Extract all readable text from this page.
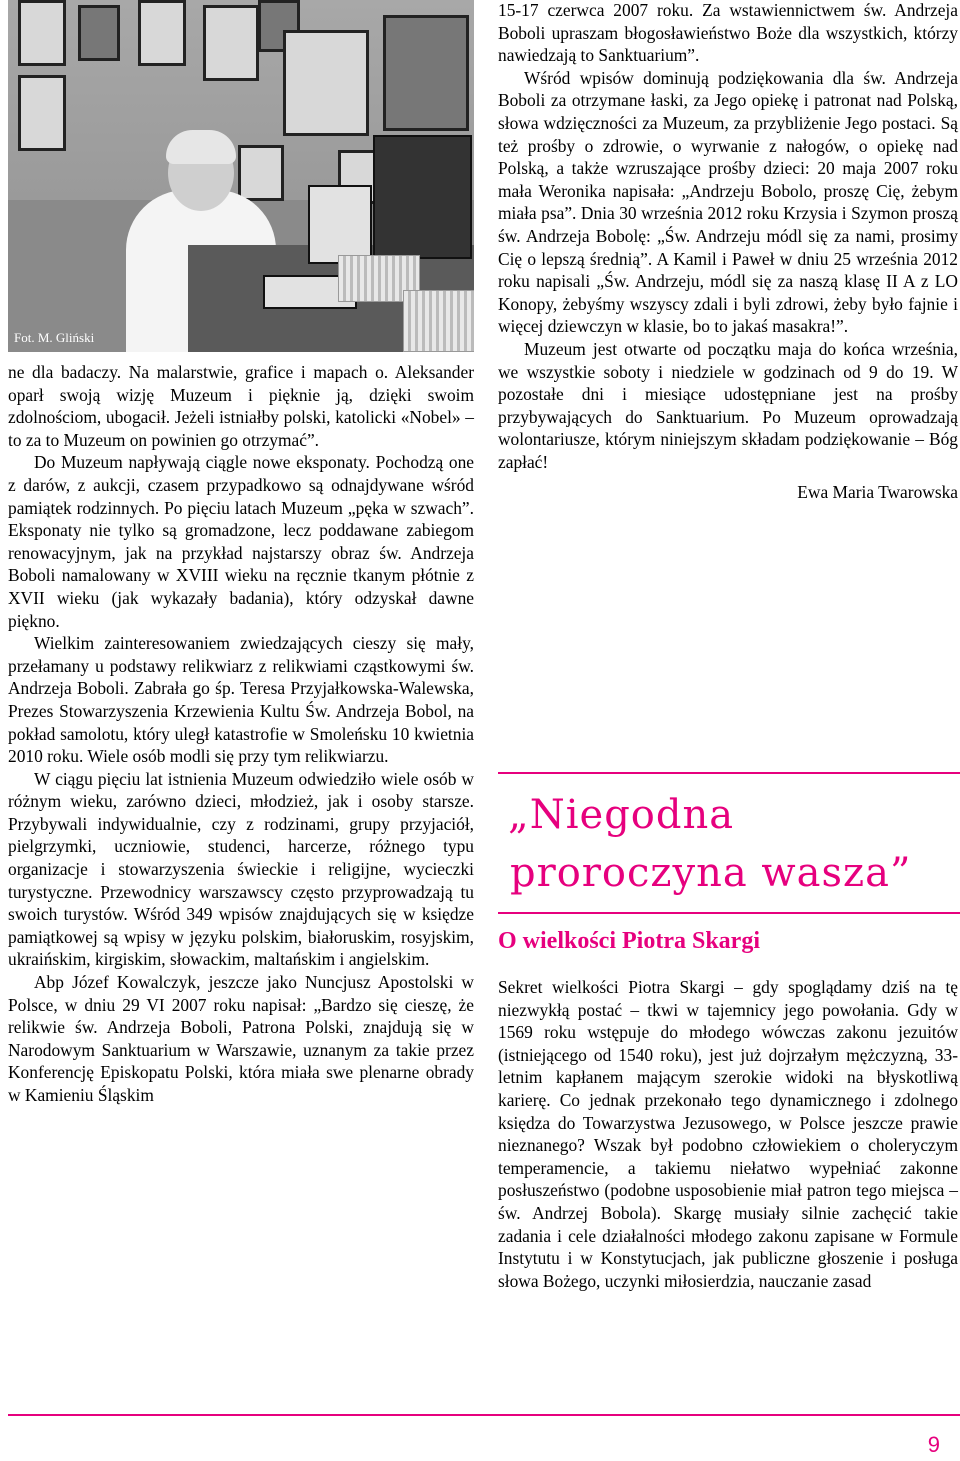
Fot. M. Gliński

ne dla badaczy. Na malarstwie, grafice i mapach o. Aleksander oparł swoją wizję Muzeum i pięknie ją, dzięki swoim zdolnościom, ubogacił. Jeżeli istniałby polski, katolicki «Nobel» – to za to Muzeum on powinien go otrzymać”.

Do Muzeum napływają ciągle nowe eksponaty. Pochodzą one z darów, z aukcji, czasem przypadkowo są odnajdywane wśród pamiątek rodzinnych. Po pięciu latach Muzeum „pęka w szwach”. Eksponaty nie tylko są gromadzone, lecz poddawane zabiegom renowacyjnym, jak na przykład najstarszy obraz św. Andrzeja Boboli namalowany w XVIII wieku na ręcznie tkanym płótnie z XVII wieku (jak wykazały badania), który odzyskał dawne piękno.

Wielkim zainteresowaniem zwiedzających cieszy się mały, przełamany u podstawy relikwiarz z relikwiami cząstkowymi św. Andrzeja Boboli. Zabrała go śp. Teresa Przyjałkowska-Walewska, Prezes Stowarzyszenia Krzewienia Kultu Św. Andrzeja Bobol, na pokład samolotu, który uległ katastrofie w Smoleńsku 10 kwietnia 2010 roku. Wiele osób modli się przy tym relikwiarzu.

W ciągu pięciu lat istnienia Muzeum odwiedziło wiele osób w różnym wieku, zarówno dzieci, młodzież, jak i osoby starsze. Przybywali indywidualnie, czy z rodzinami, grupy przyjaciół, pielgrzymki, uczniowie, studenci, harcerze, różnego typu organizacje i stowarzyszenia świeckie i religijne, wycieczki turystyczne. Przewodnicy warszawscy często przyprowadzają tu swoich turystów. Wśród 349 wpisów znajdujących się w księdze pamiątkowej są wpisy w języku polskim, białoruskim, rosyjskim, ukraińskim, kirgiskim, słowackim, maltańskim i angielskim.

Abp Józef Kowalczyk, jeszcze jako Nuncjusz Apostolski w Polsce, w dniu 29 VI 2007 roku napisał: „Bardzo się cieszę, że relikwie św. Andrzeja Boboli, Patrona Polski, znajdują się w Narodowym Sanktuarium w Warszawie, uznanym za takie przez Konferencję Episkopatu Polski, która miała swe plenarne obrady w Kamieniu Śląskim

15-17 czerwca 2007 roku. Za wstawiennictwem św. Andrzeja Boboli upraszam błogosławieństwo Boże dla wszystkich, którzy nawiedzają to Sanktuarium”.

Wśród wpisów dominują podziękowania dla św. Andrzeja Boboli za otrzymane łaski, za Jego opiekę i patronat nad Polską, słowa wdzięczności za Muzeum, za przybliżenie Jego postaci. Są też prośby o zdrowie, o wyrwanie z nałogów, o opiekę nad Polską, a także wzruszające prośby dzieci: 20 maja 2007 roku mała Weronika napisała: „Andrzeju Bobolo, proszę Cię, żebym miała psa”. Dnia 30 września 2012 roku Krzysia i Szymon proszą św. Andrzeja Bobolę: „Św. Andrzeju módl się za nami, prosimy Cię o lepszą średnią”. A Kamil i Paweł w dniu 25 września 2012 roku napisali „Św. Andrzeju, módl się za naszą klasę II A z LO Konopy, żebyśmy wszyscy zdali i byli zdrowi, żeby było fajnie i więcej dziewczyn w klasie, bo to jakaś masakra!”.

Muzeum jest otwarte od początku maja do końca września, we wszystkie soboty i niedziele w godzinach od 9 do 19. W pozostałe dni i miesiące udostępniane jest na prośby przybywających do Sanktuarium. Po Muzeum oprowadzają wolontariusze, którym niniejszym składam podziękowanie – Bóg zapłać!

Ewa Maria Twarowska

„Niegodna
proroczyna wasza”
O wielkości Piotra Skargi

Sekret wielkości Piotra Skargi – gdy spoglądamy dziś na tę niezwykłą postać – tkwi w tajemnicy jego powołania. Gdy w 1569 roku wstępuje do młodego wówczas zakonu jezuitów (istniejącego od 1540 roku), jest już dojrzałym mężczyzną, 33-letnim kapłanem mającym szerokie widoki na błyskotliwą karierę. Co jednak przekonało tego dynamicznego i zdolnego księdza do Towarzystwa Jezusowego, w Polsce jeszcze prawie nieznanego? Wszak był podobno człowiekiem o choleryczym temperamencie, a takiemu niełatwo wypełniać zakonne posłuszeństwo (podobne usposobienie miał patron tego miejsca – św. Andrzej Bobola). Skargę musiały silnie zachęcić takie zadania i cele działalności młodego zakonu zapisane w Formule Instytutu i w Konstytucjach, jak publiczne głoszenie i posługa słowa Bożego, uczynki miłosierdzia, nauczanie zasad

9
